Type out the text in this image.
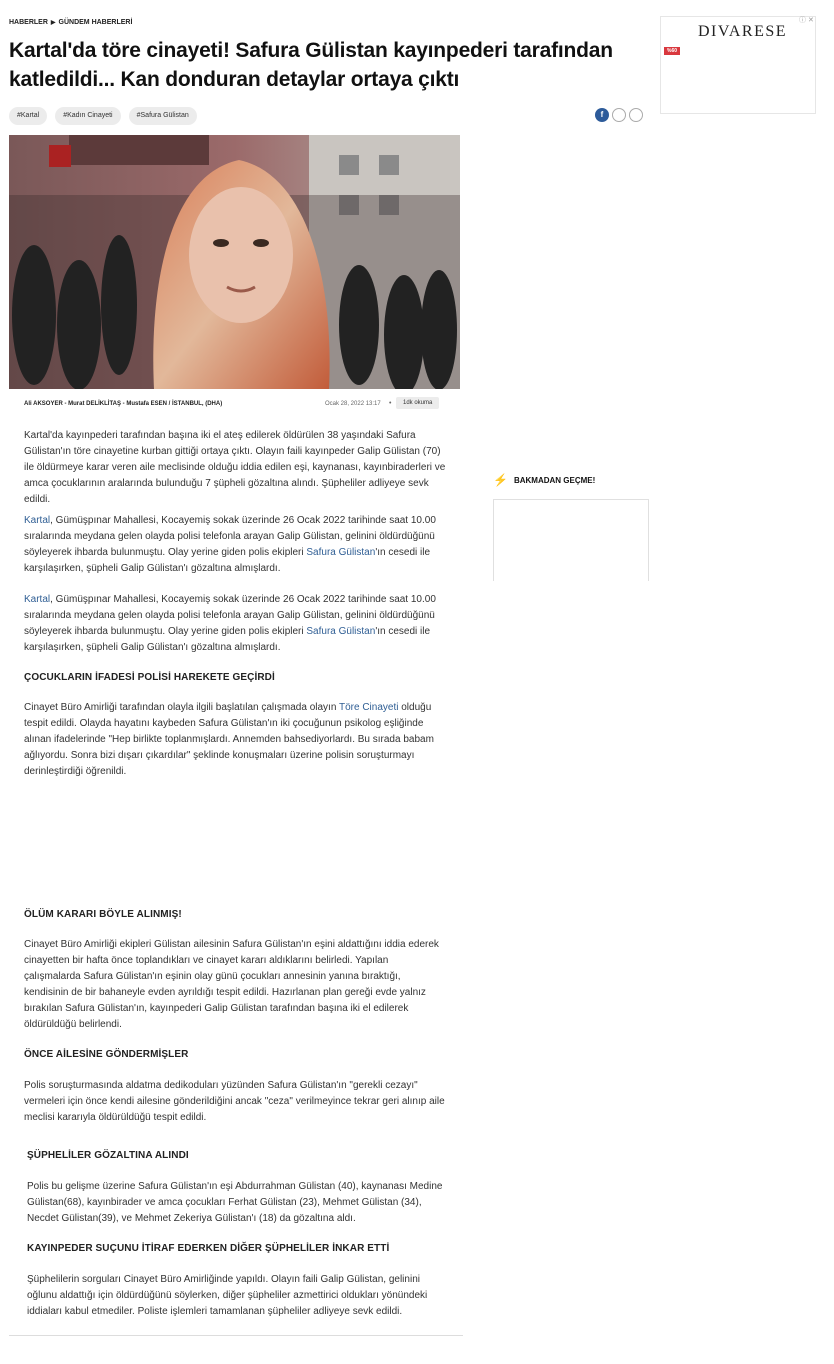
HABERLER ▶ GÜNDEM HABERLERİ
Kartal'da töre cinayeti! Safura Gülistan kayınpederi tarafından katledildi... Kan donduran detaylar ortaya çıktı
#Kartal	#Kadın Cinayeti	#Safura Gülistan	f
Ali AKSOYER - Murat DELİKLİTAŞ - Mustafa ESEN / İSTANBUL, (DHA)	Ocak 28, 2022 13:17 •	1dk okuma

Kartal'da kayınpederi tarafından başına iki el ateş edilerek öldürülen 38 yaşındaki Safura Gülistan'ın töre cinayetine kurban gittiği ortaya çıktı. Olayın faili kayınpeder Galip Gülistan (70) ile öldürmeye karar veren aile meclisinde olduğu iddia edilen eşi, kaynanası, kayınbiraderleri ve amca çocuklarının aralarında bulunduğu 7 şüpheli gözaltına alındı. Şüpheliler adliyeye sevk edildi.

Kartal, Gümüşpınar Mahallesi, Kocayemiş sokak üzerinde 26 Ocak 2022 tarihinde saat 10.00 sıralarında meydana gelen olayda polisi telefonla arayan Galip Gülistan, gelinini öldürdüğünü söyleyerek ihbarda bulunmuştu. Olay yerine giden polis ekipleri Safura Gülistan'ın cesedi ile karşılaşırken, şüpheli Galip Gülistan'ı gözaltına almışlardı.

Kartal, Gümüşpınar Mahallesi, Kocayemiş sokak üzerinde 26 Ocak 2022 tarihinde saat 10.00 sıralarında meydana gelen olayda polisi telefonla arayan Galip Gülistan, gelinini öldürdüğünü söyleyerek ihbarda bulunmuştu. Olay yerine giden polis ekipleri Safura Gülistan'ın cesedi ile karşılaşırken, şüpheli Galip Gülistan'ı gözaltına almışlardı.

ÇOCUKLARIN İFADESİ POLİSİ HAREKETE GEÇİRDİ

Cinayet Büro Amirliği tarafından olayla ilgili başlatılan çalışmada olayın Töre Cinayeti olduğu tespit edildi. Olayda hayatını kaybeden Safura Gülistan'ın iki çocuğunun psikolog eşliğinde alınan ifadelerinde "Hep birlikte toplanmışlardı. Annemden bahsediyorlardı. Bu sırada babam ağlıyordu. Sonra bizi dışarı çıkardılar" şeklinde konuşmaları üzerine polisin soruşturmayı derinleştirdiği öğrenildi.

ÖLÜM KARARI BÖYLE ALINMIŞ!

Cinayet Büro Amirliği ekipleri Gülistan ailesinin Safura Gülistan'ın eşini aldattığını iddia ederek cinayetten bir hafta önce toplandıkları ve cinayet kararı aldıklarını belirledi. Yapılan çalışmalarda Safura Gülistan'ın eşinin olay günü çocukları annesinin yanına bıraktığı, kendisinin de bir bahaneyle evden ayrıldığı tespit edildi. Hazırlanan plan gereği evde yalnız bırakılan Safura Gülistan'ın, kayınpederi Galip Gülistan tarafından başına iki el edilerek öldürüldüğü belirlendi.

ÖNCE AİLESİNE GÖNDERMİŞLER

Polis soruşturmasında aldatma dedikoduları yüzünden Safura Gülistan'ın "gerekli cezayı" vermeleri için önce kendi ailesine gönderildiğini ancak "ceza" verilmeyince tekrar geri alınıp aile meclisi kararıyla öldürüldüğü tespit edildi.

ŞÜPHELİLER GÖZALTINA ALINDI

Polis bu gelişme üzerine Safura Gülistan'ın eşi Abdurrahman Gülistan (40), kaynanası Medine Gülistan(68), kayınbirader ve amca çocukları Ferhat Gülistan (23), Mehmet Gülistan (34), Necdet Gülistan(39), ve Mehmet Zekeriya Gülistan'ı (18) da gözaltına aldı.

KAYINPEDER SUÇUNU İTİRAF EDERKEN DİĞER ŞÜPHELİLER İNKAR ETTİ

Şüphelilerin sorguları Cinayet Büro Amirliğinde yapıldı. Olayın faili Galip Gülistan, gelinini oğlunu aldattığı için öldürdüğünü söylerken, diğer şüpheliler azmettirici oldukları yönündeki iddiaları kabul etmediler. Poliste işlemleri tamamlanan şüpheliler adliyeye sevk edildi.

DIVARESE
ⓘ ✕
%60
⚡ BAKMADAN GEÇME!
